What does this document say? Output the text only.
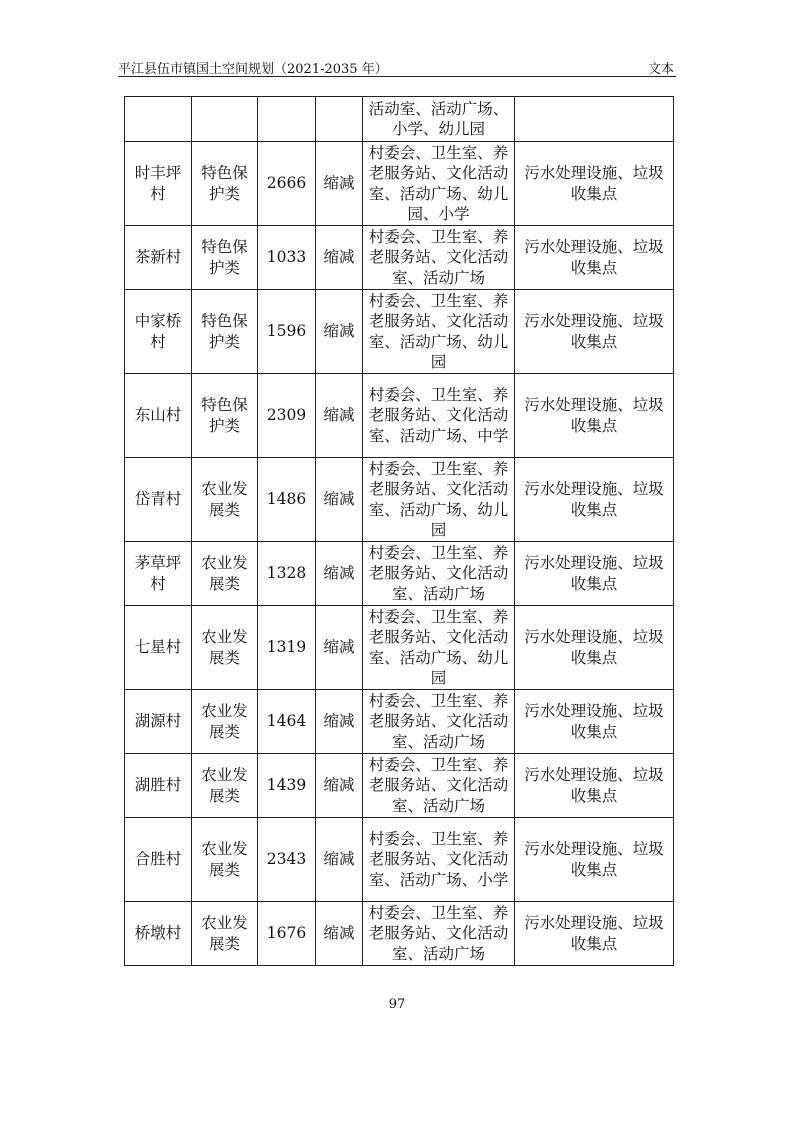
平江县伍市镇国土空间规划（2021-2035 年）	文本
				活动室、活动广场、小学、幼儿园	
时丰坪村	特色保护类	2666	缩减	村委会、卫生室、养老服务站、文化活动室、活动广场、幼儿园、小学	污水处理设施、垃圾收集点
茶新村	特色保护类	1033	缩减	村委会、卫生室、养老服务站、文化活动室、活动广场	污水处理设施、垃圾收集点
中家桥村	特色保护类	1596	缩减	村委会、卫生室、养老服务站、文化活动室、活动广场、幼儿园	污水处理设施、垃圾收集点
东山村	特色保护类	2309	缩减	村委会、卫生室、养老服务站、文化活动室、活动广场、中学	污水处理设施、垃圾收集点
岱青村	农业发展类	1486	缩减	村委会、卫生室、养老服务站、文化活动室、活动广场、幼儿园	污水处理设施、垃圾收集点
茅草坪村	农业发展类	1328	缩减	村委会、卫生室、养老服务站、文化活动室、活动广场	污水处理设施、垃圾收集点
七星村	农业发展类	1319	缩减	村委会、卫生室、养老服务站、文化活动室、活动广场、幼儿园	污水处理设施、垃圾收集点
湖源村	农业发展类	1464	缩减	村委会、卫生室、养老服务站、文化活动室、活动广场	污水处理设施、垃圾收集点
湖胜村	农业发展类	1439	缩减	村委会、卫生室、养老服务站、文化活动室、活动广场	污水处理设施、垃圾收集点
合胜村	农业发展类	2343	缩减	村委会、卫生室、养老服务站、文化活动室、活动广场、小学	污水处理设施、垃圾收集点
桥墩村	农业发展类	1676	缩减	村委会、卫生室、养老服务站、文化活动室、活动广场	污水处理设施、垃圾收集点
97
